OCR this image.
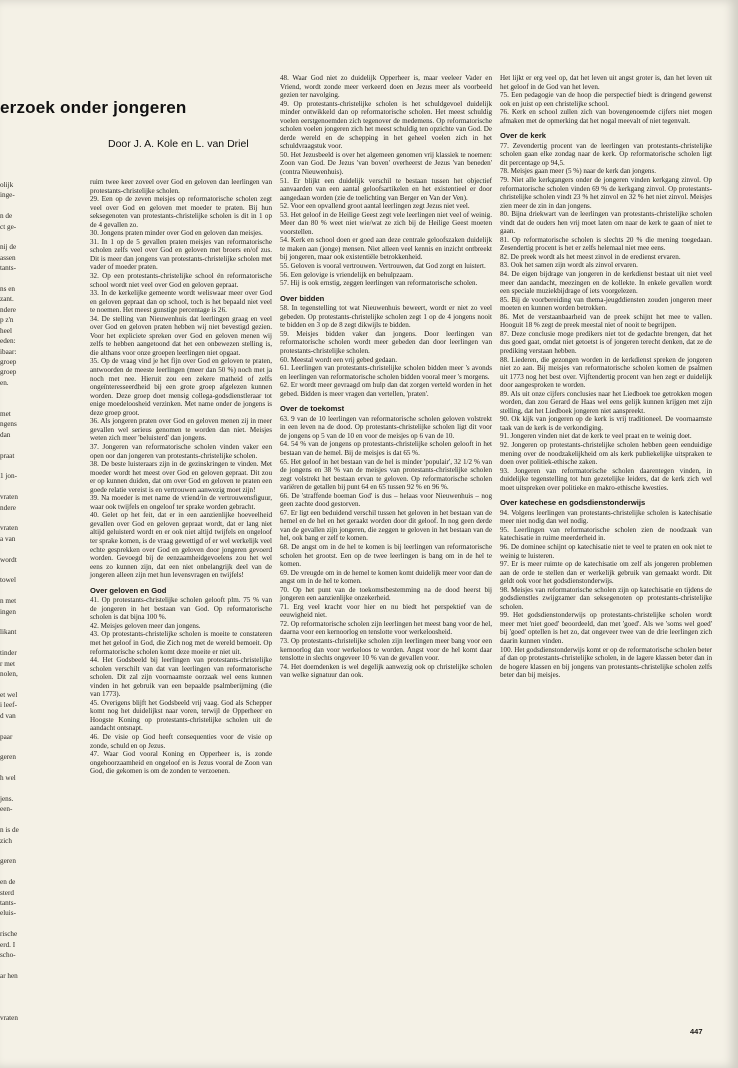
olijk
inge-

n de
ct ge-

nij de
assen
tants-

ns en
zant.
ndere
p z'n
heel
eden:
ibaar:
groep
groep
en.

met
ngens
dan

praat

1 jon-

vraten
ndere

vraten
a van

wordt

towel

n met
ingen

likant

tinder
r met
nolen,

et wel
i leef-
d van

paar

geren

h wel

jens.
een-

n is de
zich

geren

en de
sterd
tants-
eluis-

rische
erd. I
scho-

ar hen

vraten
erzoek onder jongeren
Door J. A. Kole en L. van Driel

ruim twee keer zoveel over God en geloven dan leerlingen van protestants-christelijke scholen.

29. Een op de zeven meisjes op reformatorische scholen zegt veel over God en geloven met moeder te praten. Bij hun seksegenoten van protestants-christelijke scholen is dit in 1 op de 4 gevallen zo.

30. Jongens praten minder over God en geloven dan meisjes.

31. In 1 op de 5 gevallen praten meisjes van reformatorische scholen zelfs veel over God en geloven met broers en/of zus. Dit is meer dan jongens van protestants-christelijke scholen met vader of moeder praten.

32. Op een protestants-christelijke school én reformatorische school wordt niet veel over God en geloven gepraat.

33. In de kerkelijke gemeente wordt weliswaar meer over God en geloven gepraat dan op school, toch is het bepaald niet veel te noemen. Het meest gunstige percentage is 26.

34. De stelling van Nieuwenhuis dat leerlingen graag en veel over God en geloven praten hebben wij niet bevestigd gezien. Voor het expliciete spreken over God en geloven menen wij zelfs te hebben aangetoond dat het een onbewezen stelling is, die althans voor onze groepen leerlingen niet opgaat.

35. Op de vraag vind je het fijn over God en geloven te praten, antwoorden de meeste leerlingen (meer dan 50 %) noch met ja noch met nee. Hieruit zou een zekere matheid of zelfs ongeïnteresseerdheid bij een grote groep afgelezen kunnen worden. Deze groep doet mensig collega-godsdienstleraar tot enige moedeloosheid verzinken. Met name onder de jongens is deze groep groot.

36. Als jongeren praten over God en geloven menen zij in meer gevallen wel serieus genomen te worden dan niet. Meisjes weten zich meer 'beluisterd' dan jongens.

37. Jongeren van reformatorische scholen vinden vaker een open oor dan jongeren van protestants-christelijke scholen.

38. De beste luisteraars zijn in de gezinskringen te vinden. Met moeder wordt het meest over God en geloven gepraat. Dit zou er op kunnen duiden, dat om over God en geloven te praten een goede relatie vereist is en vertrouwen aanwezig moet zijn!

39. Na moeder is met name de vriend/in de vertrouwensfiguur, waar ook twijfels en ongeloof ter sprake worden gebracht.

40. Gelet op het feit, dat er in een aanzienlijke hoeveelheid gevallen over God en geloven gepraat wordt, dat er lang niet altijd geluisterd wordt en er ook niet altijd twijfels en ongeloof ter sprake komen, is de vraag gewettigd of er wel werkelijk veel echte gesprekken over God en geloven door jongeren gevoerd worden. Gevoegd bij de eenzaamheidgevoelens zou het wel eens zo kunnen zijn, dat een niet onbelangrijk deel van de jongeren alleen zijn met hun levensvragen en twijfels!

Over geloven en God

41. Op protestants-christelijke scholen gelooft plm. 75 % van de jongeren in het bestaan van God. Op reformatorische scholen is dat bijna 100 %.

42. Meisjes geloven meer dan jongens.

43. Op protestants-christelijke scholen is moeite te constateren met het geloof in God, die Zich nog met de wereld bemoeit. Op reformatorische scholen komt deze moeite er niet uit.

44. Het Godsbeeld bij leerlingen van protestants-christelijke scholen verschilt van dat van leerlingen van reformatorische scholen. Dit zal zijn voornaamste oorzaak wel eens kunnen vinden in het gebruik van een bepaalde psalmberijming (die van 1773).

45. Overigens blijft het Godsbeeld vrij vaag. God als Schepper komt nog het duidelijkst naar voren, terwijl de Opperheer en Hoogste Koning op protestants-christelijke scholen uit de aandacht ontsnapt.

46. De visie op God heeft consequenties voor de visie op zonde, schuld en op Jezus.

47. Waar God vooral Koning en Opperheer is, is zonde ongehoorzaamheid en ongeloof en is Jezus vooral de Zoon van God, die gekomen is om de zonden te verzoenen.

48. Waar God niet zo duidelijk Opperheer is, maar veeleer Vader en Vriend, wordt zonde meer verkeerd doen en Jezus meer als voorbeeld gezien ter navolging.

49. Op protestants-christelijke scholen is het schuldgevoel duidelijk minder ontwikkeld dan op reformatorische scholen. Het meest schuldig voelen eerstgenoemden zich tegenover de medemens. Op reformatorische scholen voelen jongeren zich het meest schuldig ten opzichte van God. De derde wereld en de schepping in het geheel voelen zich in het schuldvraagstuk voor.

50. Het Jezusbeeld is over het algemeen genomen vrij klassiek te noemen: Zoon van God. De Jezus 'van boven' overheerst de Jezus 'van beneden' (contra Nieuwenhuis).

51. Er blijkt een duidelijk verschil te bestaan tussen het objectief aanvaarden van een aantal geloofsartikelen en het existentieel er door aangedaan worden (zie de toelichting van Berger en Van der Ven).

52. Voor een opvallend groot aantal leerlingen zegt Jezus niet veel.

53. Het geloof in de Heilige Geest zegt vele leerlingen niet veel of weinig. Meer dan 80 % weet niet wie/wat ze zich bij de Heilige Geest moeten voorstellen.

54. Kerk en school doen er goed aan deze centrale geloofszaken duidelijk te maken aan (jonge) mensen. Niet alleen veel kennis en inzicht ontbreekt bij jongeren, maar ook existentiële betrokkenheid.

55. Geloven is vooral vertrouwen. Vertrouwen, dat God zorgt en luistert.

56. Een gelovige is vriendelijk en behulpzaam.

57. Hij is ook ernstig, zeggen leerlingen van reformatorische scholen.

Over bidden

58. In tegenstelling tot wat Nieuwenhuis beweert, wordt er niet zo veel gebeden. Op protestants-christelijke scholen zegt 1 op de 4 jongens nooit te bidden en 3 op de 8 zegt dikwijls te bidden.

59. Meisjes bidden vaker dan jongens. Door leerlingen van reformatorische scholen wordt meer gebeden dan door leerlingen van protestants-christelijke scholen.

60. Meestal wordt een vrij gebed gedaan.

61. Leerlingen van protestants-christelijke scholen bidden meer 's avonds en leerlingen van reformatorische scholen bidden vooral meer 's morgens.

62. Er wordt meer gevraagd om hulp dan dat zorgen verteld worden in het gebed. Bidden is meer vragen dan vertellen, 'praten'.

Over de toekomst

63. 9 van de 10 leerlingen van reformatorische scholen geloven volstrekt in een leven na de dood. Op protestants-christelijke scholen ligt dit voor de jongens op 5 van de 10 en voor de meisjes op 6 van de 10.

64. 54 % van de jongens op protestants-christelijke scholen gelooft in het bestaan van de hemel. Bij de meisjes is dat 65 %.

65. Het geloof in het bestaan van de hel is minder 'populair', 32 1/2 % van de jongens en 38 % van de meisjes van protestants-christelijke scholen zegt volstrekt het bestaan ervan te geloven. Op reformatorische scholen variëren de getallen bij punt 64 en 65 tussen 92 % en 96 %.

66. De 'straffende boeman God' is dus – helaas voor Nieuwenhuis – nog geen zachte dood gestorven.

67. Er ligt een beduidend verschil tussen het geloven in het bestaan van de hemel en de hel en het geraakt worden door dit geloof. In nog geen derde van de gevallen zijn jongeren, die zeggen te geloven in het bestaan van de hel, ook bang er zelf te komen.

68. De angst om in de hel te komen is bij leerlingen van reformatorische scholen het grootst. Een op de twee leerlingen is bang om in de hel te komen.

69. De vreugde om in de hemel te komen komt duidelijk meer voor dan de angst om in de hel te komen.

70. Op het punt van de toekomstbestemming na de dood heerst bij jongeren een aanzienlijke onzekerheid.

71. Erg veel kracht voor hier en nu biedt het perspektief van de eeuwigheid niet.

72. Op reformatorische scholen zijn leerlingen het meest bang voor de hel, daarna voor een kernoorlog en tenslotte voor werkeloosheid.

73. Op protestants-christelijke scholen zijn leerlingen meer bang voor een kernoorlog dan voor werkeloos te worden. Angst voor de hel komt daar tenslotte in slechts ongeveer 10 % van de gevallen voor.

74. Het doemdenken is wel degelijk aanwezig ook op christelijke scholen van welke signatuur dan ook.

Het lijkt er erg veel op, dat het leven uit angst groter is, dan het leven uit het geloof in de God van het leven.

75. Een pedagogie van de hoop die perspectief biedt is dringend gewenst ook en juist op een christelijke school.

76. Kerk en school zullen zich van bovengenoemde cijfers niet mogen afmaken met de opmerking dat het nogal meevalt of niet tegenvalt.

Over de kerk

77. Zevendertig procent van de leerlingen van protestants-christelijke scholen gaan elke zondag naar de kerk. Op reformatorische scholen ligt dit percentage op 94,5.

78. Meisjes gaan meer (5 %) naar de kerk dan jongens.

79. Niet alle kerkgangers onder de jongeren vinden kerkgang zinvol. Op reformatorische scholen vinden 69 % de kerkgang zinvol. Op protestants-christelijke scholen vindt 23 % het zinvol en 32 % het niet zinvol. Meisjes zien meer de zin in dan jongens.

80. Bijna driekwart van de leerlingen van protestants-christelijke scholen vindt dat de ouders hen vrij moet laten om naar de kerk te gaan of niet te gaan.

81. Op reformatorische scholen is slechts 20 % die mening toegedaan. Zesendertig procent is het er zelfs helemaal niet mee eens.

82. De preek wordt als het meest zinvol in de eredienst ervaren.

83. Ook het samen zijn wordt als zinvol ervaren.

84. De eigen bijdrage van jongeren in de kerkdienst bestaat uit niet veel meer dan aandacht, meezingen en de kollekte. In enkele gevallen wordt een speciale muziekbijdrage of iets voorgelezen.

85. Bij de voorbereiding van thema-jeugddiensten zouden jongeren meer moeten en kunnen worden betrokken.

86. Met de verstaanbaarheid van de preek schijnt het mee te vallen. Hooguit 18 % zegt de preek meestal niet of nooit te begrijpen.

87. Deze conclusie moge predikers niet tot de gedachte brengen, dat het dus goed gaat, omdat niet getoetst is of jongeren terecht denken, dat ze de prediking verstaan hebben.

88. Liederen, die gezongen worden in de kerkdienst spreken de jongeren niet zo aan. Bij meisjes van reformatorische scholen komen de psalmen uit 1773 nog het best over. Vijftendertig procent van hen zegt er duidelijk door aangesproken te worden.

89. Als uit onze cijfers conclusies naar het Liedboek toe getrokken mogen worden, dan zou Gerard de Haas wel eens gelijk kunnen krijgen met zijn stelling, dat het Liedboek jongeren niet aanspreekt.

90. Ok kijk van jongeren op de kerk is vrij traditioneel. De voornaamste taak van de kerk is de verkondiging.

91. Jongeren vinden niet dat de kerk te veel praat en te weinig doet.

92. Jongeren op protestants-christelijke scholen hebben geen eenduidige mening over de noodzakelijkheid om als kerk publiekelijke uitspraken te doen over politiek-ethische zaken.

93. Jongeren van reformatorische scholen daarentegen vinden, in duidelijke tegenstelling tot hun gezetelijke leiders, dat de kerk zich wel moet uitspreken over politieke en makro-ethische kwesties.

Over katechese en godsdienstonderwijs

94. Volgens leerlingen van protestants-christelijke scholen is katechisatie meer niet nodig dan wel nodig.

95. Leerlingen van reformatorische scholen zien de noodzaak van katechisatie in ruime meerderheid in.

96. De dominee schijnt op katechisatie niet te veel te praten en ook niet te weinig te luisteren.

97. Er is meer ruimte op de katechisatie om zelf als jongeren problemen aan de orde te stellen dan er werkelijk gebruik van gemaakt wordt. Dit geldt ook voor het godsdienstonderwijs.

98. Meisjes van reformatorische scholen zijn op katechisatie en tijdens de godsdienstles zwijgzamer dan seksegenoten op protestants-christelijke scholen.

99. Het godsdienstonderwijs op protestants-christelijke scholen wordt meer met 'niet goed' beoordeeld, dan met 'goed'. Als we 'soms wel goed' bij 'goed' optellen is het zo, dat ongeveer twee van de drie leerlingen zich daarin kunnen vinden.

100. Het godsdienstonderwijs komt er op de reformatorische scholen beter af dan op protestants-christelijke scholen, in de lagere klassen beter dan in de hogere klassen en bij jongens van protestants-christelijke scholen zelfs beter dan bij meisjes.

447
